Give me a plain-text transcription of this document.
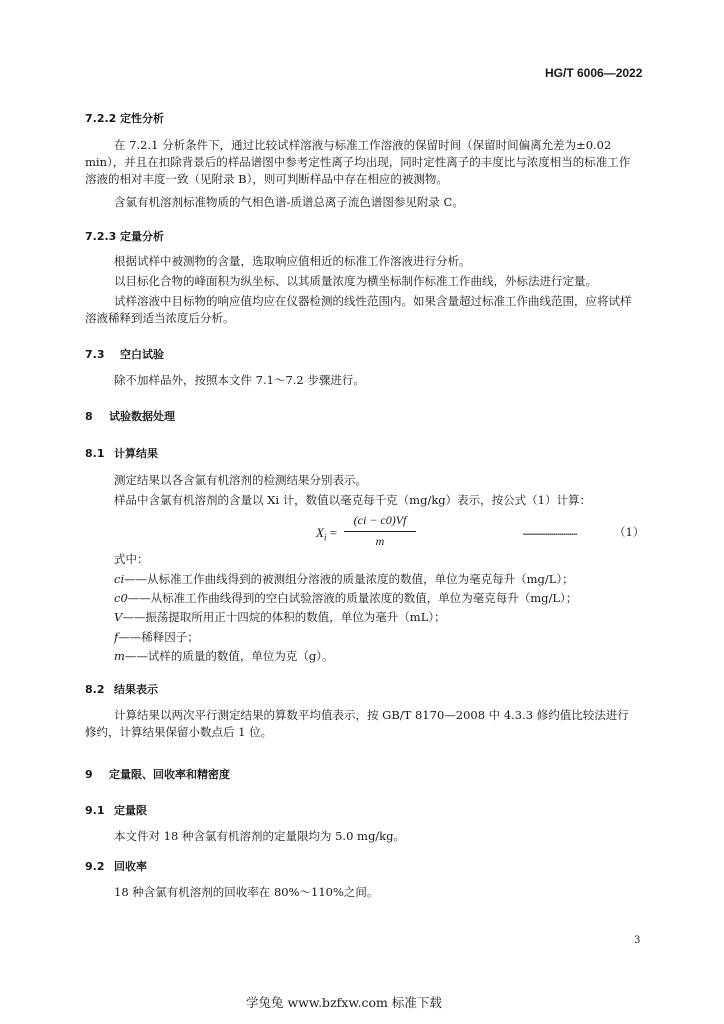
HG/T 6006—2022
7.2.2 定性分析
在 7.2.1 分析条件下，通过比较试样溶液与标准工作溶液的保留时间（保留时间偏离允差为±0.02 min），并且在扣除背景后的样品谱图中参考定性离子均出现，同时定性离子的丰度比与浓度相当的标准工作溶液的相对丰度一致（见附录 B），则可判断样品中存在相应的被测物。
含氯有机溶剂标准物质的气相色谱-质谱总离子流色谱图参见附录 C。
7.2.3 定量分析
根据试样中被测物的含量，选取响应值相近的标准工作溶液进行分析。
以目标化合物的峰面积为纵坐标、以其质量浓度为横坐标制作标准工作曲线，外标法进行定量。
试样溶液中目标物的响应值均应在仪器检测的线性范围内。如果含量超过标准工作曲线范围，应将试样溶液稀释到适当浓度后分析。
7.3 空白试验
除不加样品外，按照本文件 7.1～7.2 步骤进行。
8 试验数据处理
8.1 计算结果
测定结果以各含氯有机溶剂的检测结果分别表示。
样品中含氯有机溶剂的含量以 Xi 计，数值以毫克每千克（mg/kg）表示，按公式（1）计算：
$X_i$ =
(ci − c0)Vf
m
………………………	（1）
式中：
ci——从标准工作曲线得到的被测组分溶液的质量浓度的数值，单位为毫克每升（mg/L）；
c0——从标准工作曲线得到的空白试验溶液的质量浓度的数值，单位为毫克每升（mg/L）；
V——振荡提取所用正十四烷的体积的数值，单位为毫升（mL）；
f——稀释因子；
m——试样的质量的数值，单位为克（g）。
8.2 结果表示
计算结果以两次平行测定结果的算数平均值表示，按 GB/T 8170—2008 中 4.3.3 修约值比较法进行修约，计算结果保留小数点后 1 位。
9 定量限、回收率和精密度
9.1 定量限
本文件对 18 种含氯有机溶剂的定量限均为 5.0 mg/kg。
9.2 回收率
18 种含氯有机溶剂的回收率在 80%～110%之间。
3
学兔兔 www.bzfxw.com 标准下载
